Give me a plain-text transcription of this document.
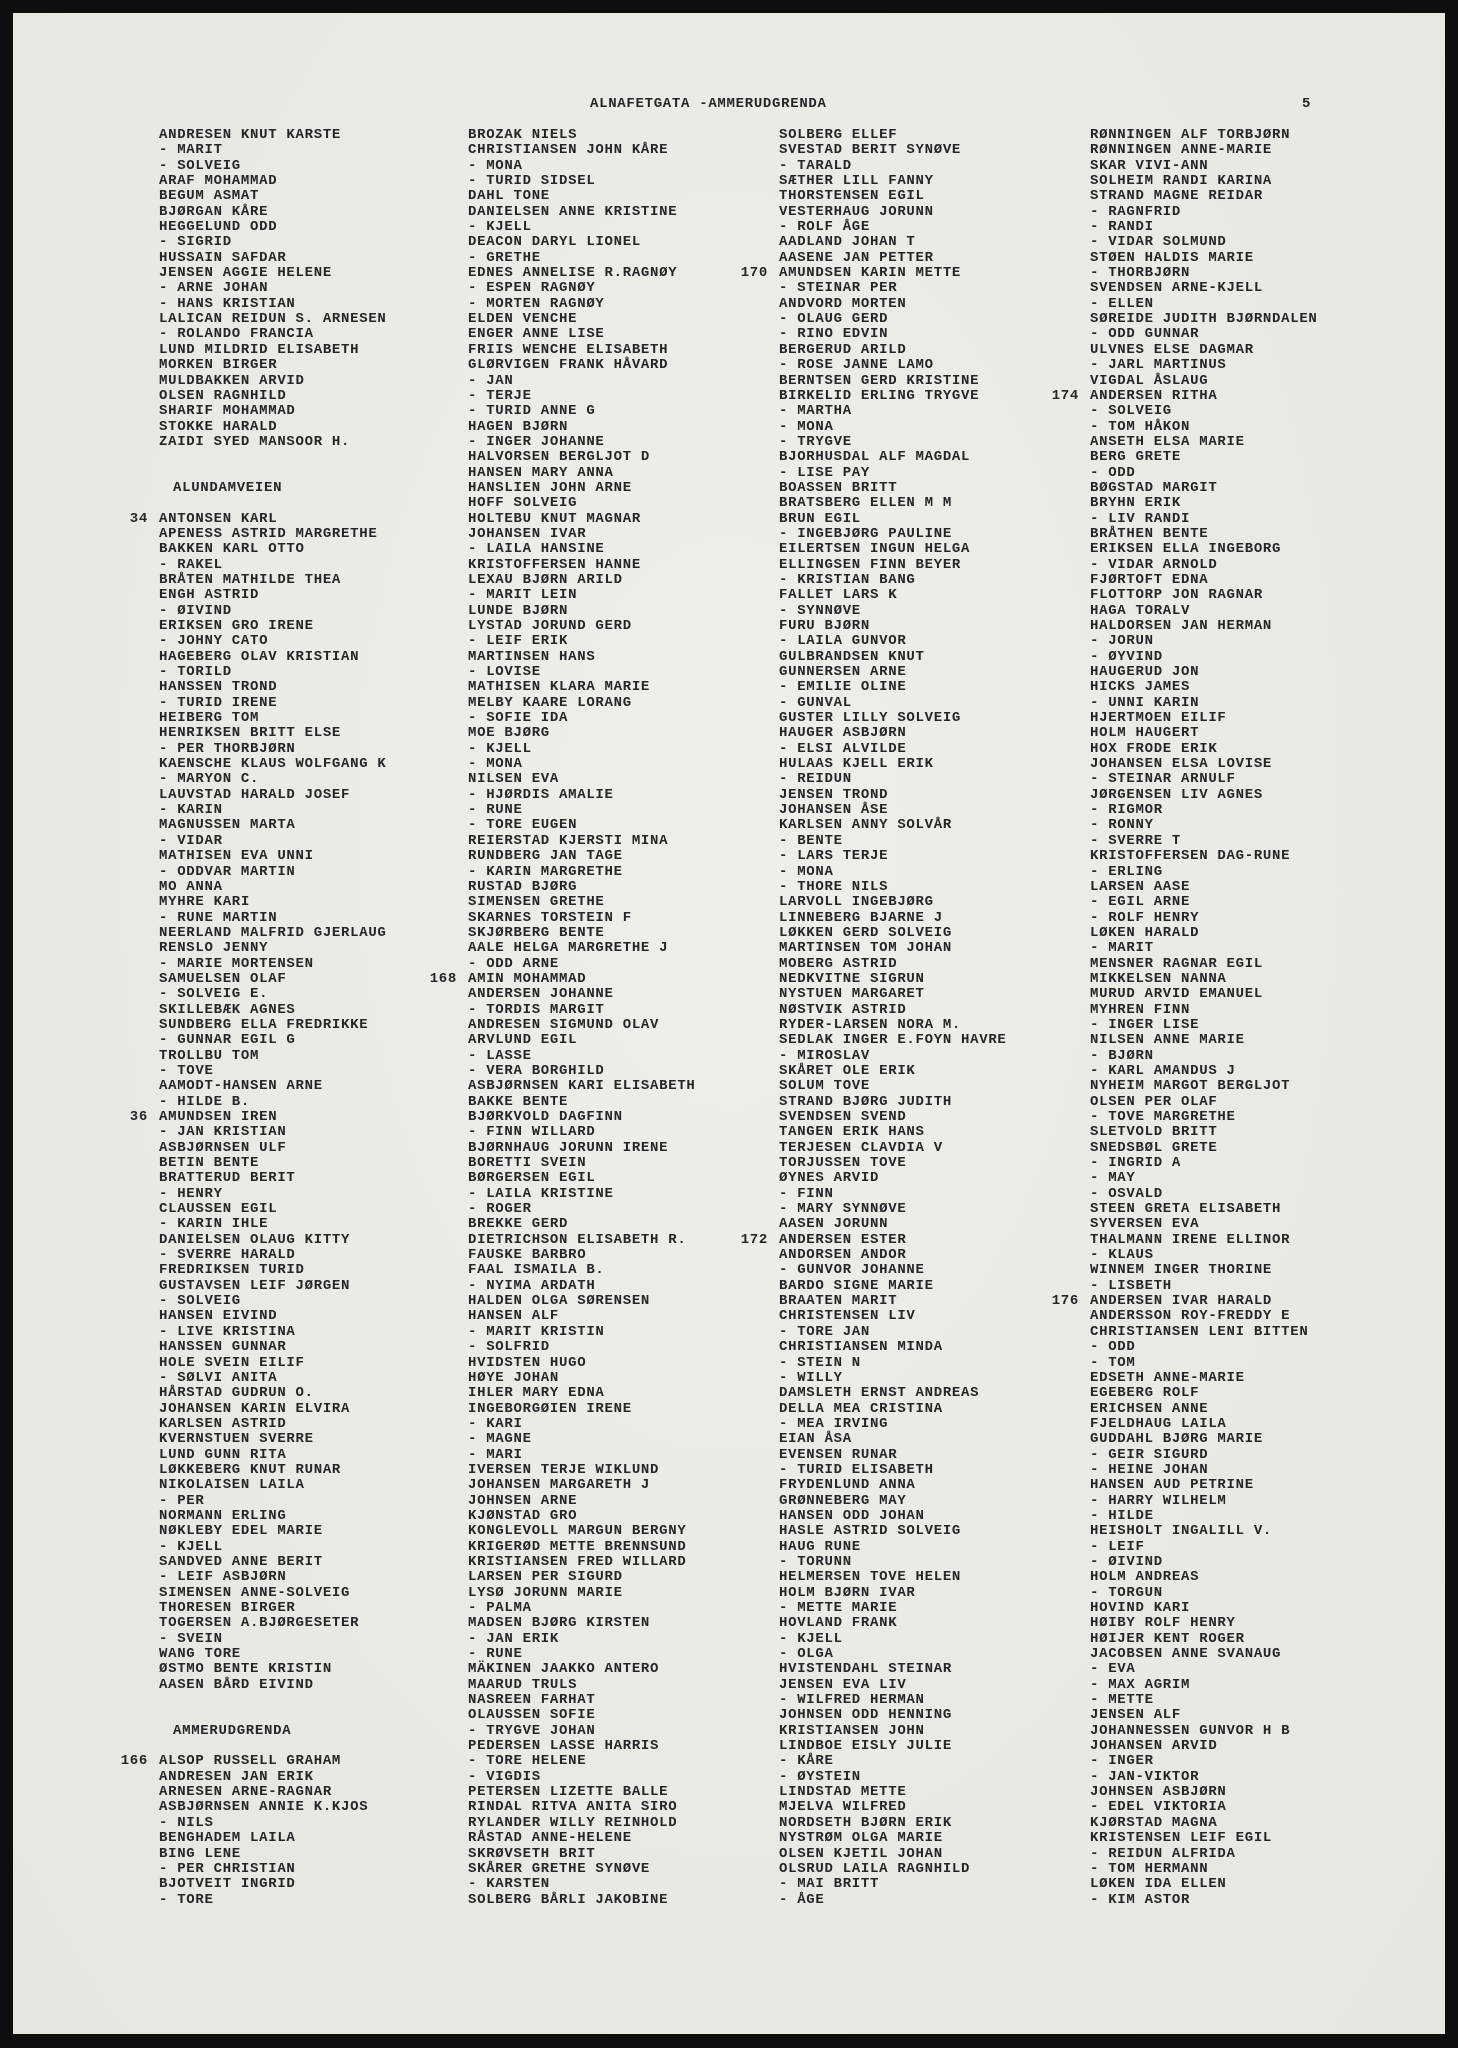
ALNAFETGATA -AMMERUDGRENDA	5
ANDRESEN KNUT KARSTE
- MARIT
- SOLVEIG
ARAF MOHAMMAD
BEGUM ASMAT
BJØRGAN KÅRE
HEGGELUND ODD
- SIGRID
HUSSAIN SAFDAR
JENSEN AGGIE HELENE
- ARNE JOHAN
- HANS KRISTIAN
LALICAN REIDUN S. ARNESEN
- ROLANDO FRANCIA
LUND MILDRID ELISABETH
MORKEN BIRGER
MULDBAKKEN ARVID
OLSEN RAGNHILD
SHARIF MOHAMMAD
STOKKE HARALD
ZAIDI SYED MANSOOR H.
ALUNDAMVEIEN
34 ANTONSEN KARL
APENESS ASTRID MARGRETHE
BAKKEN KARL OTTO
- RAKEL
BRÅTEN MATHILDE THEA
ENGH ASTRID
- ØIVIND
ERIKSEN GRO IRENE
- JOHNY CATO
HAGEBERG OLAV KRISTIAN
- TORILD
HANSSEN TROND
- TURID IRENE
HEIBERG TOM
HENRIKSEN BRITT ELSE
- PER THORBJØRN
KAENSCHE KLAUS WOLFGANG K
- MARYON C.
LAUVSTAD HARALD JOSEF
- KARIN
MAGNUSSEN MARTA
- VIDAR
MATHISEN EVA UNNI
- ODDVAR MARTIN
MO ANNA
MYHRE KARI
- RUNE MARTIN
NEERLAND MALFRID GJERLAUG
RENSLO JENNY
- MARIE MORTENSEN
SAMUELSEN OLAF
- SOLVEIG E.
SKILLEBÆK AGNES
SUNDBERG ELLA FREDRIKKE
- GUNNAR EGIL G
TROLLBU TOM
- TOVE
AAMODT-HANSEN ARNE
- HILDE B.
36 AMUNDSEN IREN
- JAN KRISTIAN
ASBJØRNSEN ULF
BETIN BENTE
BRATTERUD BERIT
- HENRY
CLAUSSEN EGIL
- KARIN IHLE
DANIELSEN OLAUG KITTY
- SVERRE HARALD
FREDRIKSEN TURID
GUSTAVSEN LEIF JØRGEN
- SOLVEIG
HANSEN EIVIND
- LIVE KRISTINA
HANSSEN GUNNAR
HOLE SVEIN EILIF
- SØLVI ANITA
HÅRSTAD GUDRUN O.
JOHANSEN KARIN ELVIRA
KARLSEN ASTRID
KVERNSTUEN SVERRE
LUND GUNN RITA
LØKKEBERG KNUT RUNAR
NIKOLAISEN LAILA
- PER
NORMANN ERLING
NØKLEBY EDEL MARIE
- KJELL
SANDVED ANNE BERIT
- LEIF ASBJØRN
SIMENSEN ANNE-SOLVEIG
THORESEN BIRGER
TOGERSEN A.BJØRGESETER
- SVEIN
WANG TORE
ØSTMO BENTE KRISTIN
AASEN BÅRD EIVIND
AMMERUDGRENDA
166 ALSOP RUSSELL GRAHAM
ANDRESEN JAN ERIK
ARNESEN ARNE-RAGNAR
ASBJØRNSEN ANNIE K.KJOS
- NILS
BENGHADEM LAILA
BING LENE
- PER CHRISTIAN
BJOTVEIT INGRID
- TORE
BROZAK NIELS
CHRISTIANSEN JOHN KÅRE
- MONA
- TURID SIDSEL
DAHL TONE
DANIELSEN ANNE KRISTINE
- KJELL
DEACON DARYL LIONEL
- GRETHE
EDNES ANNELISE R.RAGNØY
- ESPEN RAGNØY
- MORTEN RAGNØY
ELDEN VENCHE
ENGER ANNE LISE
FRIIS WENCHE ELISABETH
GLØRVIGEN FRANK HÅVARD
- JAN
- TERJE
- TURID ANNE G
HAGEN BJØRN
- INGER JOHANNE
HALVORSEN BERGLJOT D
HANSEN MARY ANNA
HANSLIEN JOHN ARNE
HOFF SOLVEIG
HOLTEBU KNUT MAGNAR
JOHANSEN IVAR
- LAILA HANSINE
KRISTOFFERSEN HANNE
LEXAU BJØRN ARILD
- MARIT LEIN
LUNDE BJØRN
LYSTAD JORUND GERD
- LEIF ERIK
MARTINSEN HANS
- LOVISE
MATHISEN KLARA MARIE
MELBY KAARE LORANG
- SOFIE IDA
MOE BJØRG
- KJELL
- MONA
NILSEN EVA
- HJØRDIS AMALIE
- RUNE
- TORE EUGEN
REIERSTAD KJERSTI MINA
RUNDBERG JAN TAGE
- KARIN MARGRETHE
RUSTAD BJØRG
SIMENSEN GRETHE
SKARNES TORSTEIN F
SKJØRBERG BENTE
AALE HELGA MARGRETHE J
- ODD ARNE
168 AMIN MOHAMMAD
ANDERSEN JOHANNE
- TORDIS MARGIT
ANDRESEN SIGMUND OLAV
ARVLUND EGIL
- LASSE
- VERA BORGHILD
ASBJØRNSEN KARI ELISABETH
BAKKE BENTE
BJØRKVOLD DAGFINN
- FINN WILLARD
BJØRNHAUG JORUNN IRENE
BORETTI SVEIN
BØRGERSEN EGIL
- LAILA KRISTINE
- ROGER
BREKKE GERD
DIETRICHSON ELISABETH R.
FAUSKE BARBRO
FAAL ISMAILA B.
- NYIMA ARDATH
HALDEN OLGA SØRENSEN
HANSEN ALF
- MARIT KRISTIN
- SOLFRID
HVIDSTEN HUGO
HØYE JOHAN
IHLER MARY EDNA
INGEBORGØIEN IRENE
- KARI
- MAGNE
- MARI
IVERSEN TERJE WIKLUND
JOHANSEN MARGARETH J
JOHNSEN ARNE
KJØNSTAD GRO
KONGLEVOLL MARGUN BERGNY
KRIGERØD METTE BRENNSUND
KRISTIANSEN FRED WILLARD
LARSEN PER SIGURD
LYSØ JORUNN MARIE
- PALMA
MADSEN BJØRG KIRSTEN
- JAN ERIK
- RUNE
MÄKINEN JAAKKO ANTERO
MAARUD TRULS
NASREEN FARHAT
OLAUSSEN SOFIE
- TRYGVE JOHAN
PEDERSEN LASSE HARRIS
- TORE HELENE
- VIGDIS
PETERSEN LIZETTE BALLE
RINDAL RITVA ANITA SIRO
RYLANDER WILLY REINHOLD
RÅSTAD ANNE-HELENE
SKRØVSETH BRIT
SKÅRER GRETHE SYNØVE
- KARSTEN
SOLBERG BÅRLI JAKOBINE
SOLBERG ELLEF
SVESTAD BERIT SYNØVE
- TARALD
SÆTHER LILL FANNY
THORSTENSEN EGIL
VESTERHAUG JORUNN
- ROLF ÅGE
AADLAND JOHAN T
AASENE JAN PETTER
170 AMUNDSEN KARIN METTE
- STEINAR PER
ANDVORD MORTEN
- OLAUG GERD
- RINO EDVIN
BERGERUD ARILD
- ROSE JANNE LAMO
BERNTSEN GERD KRISTINE
BIRKELID ERLING TRYGVE
- MARTHA
- MONA
- TRYGVE
BJORHUSDAL ALF MAGDAL
- LISE PAY
BOASSEN BRITT
BRATSBERG ELLEN M M
BRUN EGIL
- INGEBJØRG PAULINE
EILERTSEN INGUN HELGA
ELLINGSEN FINN BEYER
- KRISTIAN BANG
FALLET LARS K
- SYNNØVE
FURU BJØRN
- LAILA GUNVOR
GULBRANDSEN KNUT
GUNNERSEN ARNE
- EMILIE OLINE
- GUNVAL
GUSTER LILLY SOLVEIG
HAUGER ASBJØRN
- ELSI ALVILDE
HULAAS KJELL ERIK
- REIDUN
JENSEN TROND
JOHANSEN ÅSE
KARLSEN ANNY SOLVÅR
- BENTE
- LARS TERJE
- MONA
- THORE NILS
LARVOLL INGEBJØRG
LINNEBERG BJARNE J
LØKKEN GERD SOLVEIG
MARTINSEN TOM JOHAN
MOBERG ASTRID
NEDKVITNE SIGRUN
NYSTUEN MARGARET
NØSTVIK ASTRID
RYDER-LARSEN NORA M.
SEDLAK INGER E.FOYN HAVRE
- MIROSLAV
SKÅRET OLE ERIK
SOLUM TOVE
STRAND BJØRG JUDITH
SVENDSEN SVEND
TANGEN ERIK HANS
TERJESEN CLAVDIA V
TORJUSSEN TOVE
ØYNES ARVID
- FINN
- MARY SYNNØVE
AASEN JORUNN
172 ANDERSEN ESTER
ANDORSEN ANDOR
- GUNVOR JOHANNE
BARDO SIGNE MARIE
BRAATEN MARIT
CHRISTENSEN LIV
- TORE JAN
CHRISTIANSEN MINDA
- STEIN N
- WILLY
DAMSLETH ERNST ANDREAS
DELLA MEA CRISTINA
- MEA IRVING
EIAN ÅSA
EVENSEN RUNAR
- TURID ELISABETH
FRYDENLUND ANNA
GRØNNEBERG MAY
HANSEN ODD JOHAN
HASLE ASTRID SOLVEIG
HAUG RUNE
- TORUNN
HELMERSEN TOVE HELEN
HOLM BJØRN IVAR
- METTE MARIE
HOVLAND FRANK
- KJELL
- OLGA
HVISTENDAHL STEINAR
JENSEN EVA LIV
- WILFRED HERMAN
JOHNSEN ODD HENNING
KRISTIANSEN JOHN
LINDBOE EISLY JULIE
- KÅRE
- ØYSTEIN
LINDSTAD METTE
MJELVA WILFRED
NORDSETH BJØRN ERIK
NYSTRØM OLGA MARIE
OLSEN KJETIL JOHAN
OLSRUD LAILA RAGNHILD
- MAI BRITT
- ÅGE
RØNNINGEN ALF TORBJØRN
RØNNINGEN ANNE-MARIE
SKAR VIVI-ANN
SOLHEIM RANDI KARINA
STRAND MAGNE REIDAR
- RAGNFRID
- RANDI
- VIDAR SOLMUND
STØEN HALDIS MARIE
- THORBJØRN
SVENDSEN ARNE-KJELL
- ELLEN
SØREIDE JUDITH BJØRNDALEN
- ODD GUNNAR
ULVNES ELSE DAGMAR
- JARL MARTINUS
VIGDAL ÅSLAUG
174 ANDERSEN RITHA
- SOLVEIG
- TOM HÅKON
ANSETH ELSA MARIE
BERG GRETE
- ODD
BØGSTAD MARGIT
BRYHN ERIK
- LIV RANDI
BRÅTHEN BENTE
ERIKSEN ELLA INGEBORG
- VIDAR ARNOLD
FJØRTOFT EDNA
FLOTTORP JON RAGNAR
HAGA TORALV
HALDORSEN JAN HERMAN
- JORUN
- ØYVIND
HAUGERUD JON
HICKS JAMES
- UNNI KARIN
HJERTMOEN EILIF
HOLM HAUGERT
HOX FRODE ERIK
JOHANSEN ELSA LOVISE
- STEINAR ARNULF
JØRGENSEN LIV AGNES
- RIGMOR
- RONNY
- SVERRE T
KRISTOFFERSEN DAG-RUNE
- ERLING
LARSEN AASE
- EGIL ARNE
- ROLF HENRY
LØKEN HARALD
- MARIT
MENSNER RAGNAR EGIL
MIKKELSEN NANNA
MURUD ARVID EMANUEL
MYHREN FINN
- INGER LISE
NILSEN ANNE MARIE
- BJØRN
- KARL AMANDUS J
NYHEIM MARGOT BERGLJOT
OLSEN PER OLAF
- TOVE MARGRETHE
SLETVOLD BRITT
SNEDSBØL GRETE
- INGRID A
- MAY
- OSVALD
STEEN GRETA ELISABETH
SYVERSEN EVA
THALMANN IRENE ELLINOR
- KLAUS
WINNEM INGER THORINE
- LISBETH
176 ANDERSEN IVAR HARALD
ANDERSSON ROY-FREDDY E
CHRISTIANSEN LENI BITTEN
- ODD
- TOM
EDSETH ANNE-MARIE
EGEBERG ROLF
ERICHSEN ANNE
FJELDHAUG LAILA
GUDDAHL BJØRG MARIE
- GEIR SIGURD
- HEINE JOHAN
HANSEN AUD PETRINE
- HARRY WILHELM
- HILDE
HEISHOLT INGALILL V.
- LEIF
- ØIVIND
HOLM ANDREAS
- TORGUN
HOVIND KARI
HØIBY ROLF HENRY
HØIJER KENT ROGER
JACOBSEN ANNE SVANAUG
- EVA
- MAX AGRIM
- METTE
JENSEN ALF
JOHANNESSEN GUNVOR H B
JOHANSEN ARVID
- INGER
- JAN-VIKTOR
JOHNSEN ASBJØRN
- EDEL VIKTORIA
KJØRSTAD MAGNA
KRISTENSEN LEIF EGIL
- REIDUN ALFRIDA
- TOM HERMANN
LØKEN IDA ELLEN
- KIM ASTOR
